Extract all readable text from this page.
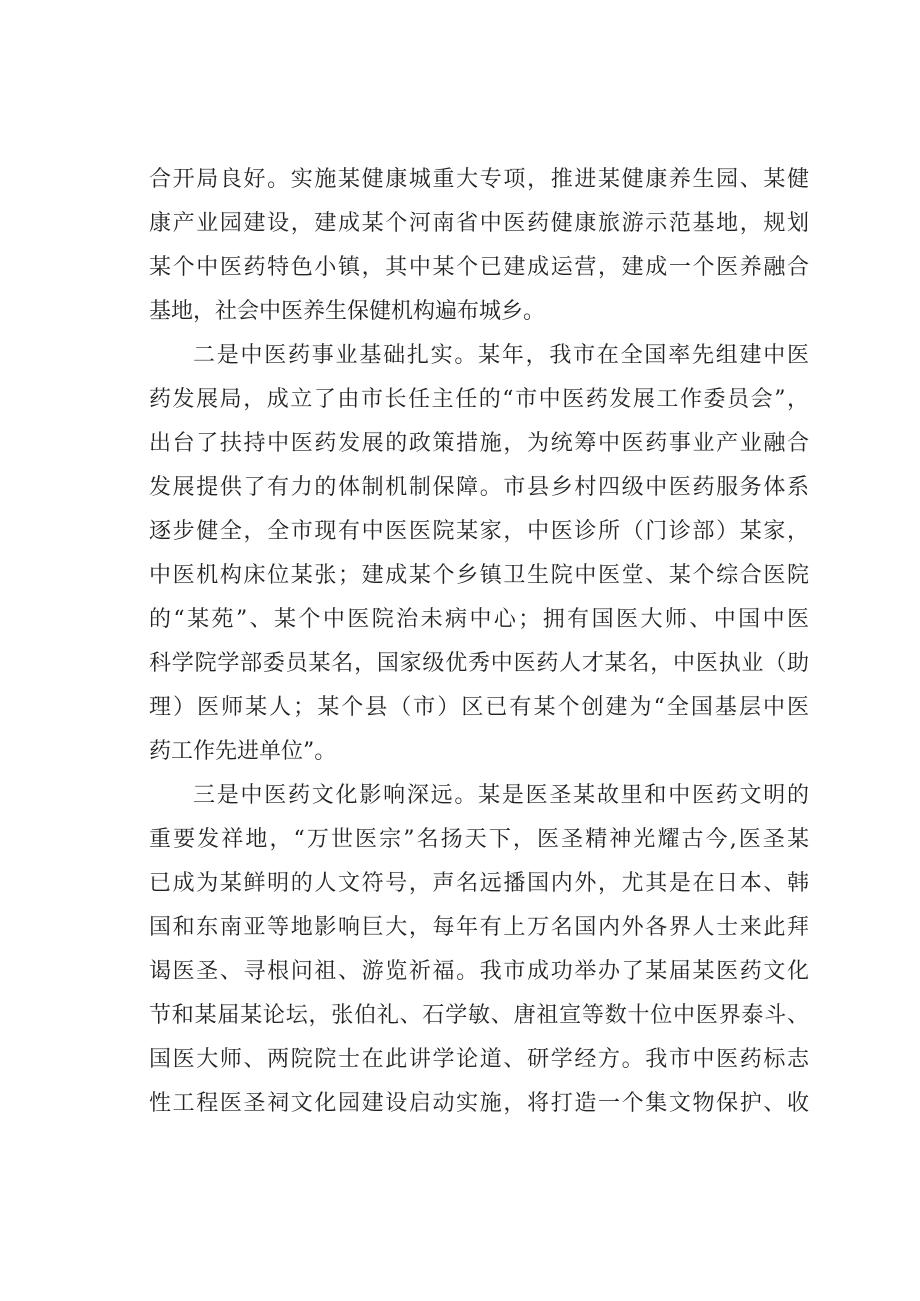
合开局良好。实施某健康城重大专项，推进某健康养生园、某健
康产业园建设，建成某个河南省中医药健康旅游示范基地，规划
某个中医药特色小镇，其中某个已建成运营，建成一个医养融合
基地，社会中医养生保健机构遍布城乡。
二是中医药事业基础扎实。某年，我市在全国率先组建中医
药发展局，成立了由市长任主任的“市中医药发展工作委员会”，
出台了扶持中医药发展的政策措施，为统筹中医药事业产业融合
发展提供了有力的体制机制保障。市县乡村四级中医药服务体系
逐步健全，全市现有中医医院某家，中医诊所（门诊部）某家，
中医机构床位某张；建成某个乡镇卫生院中医堂、某个综合医院
的“某苑”、某个中医院治未病中心；拥有国医大师、中国中医
科学院学部委员某名，国家级优秀中医药人才某名，中医执业（助
理）医师某人；某个县（市）区已有某个创建为“全国基层中医
药工作先进单位”。
三是中医药文化影响深远。某是医圣某故里和中医药文明的
重要发祥地，“万世医宗”名扬天下，医圣精神光耀古今,医圣某
已成为某鲜明的人文符号，声名远播国内外，尤其是在日本、韩
国和东南亚等地影响巨大，每年有上万名国内外各界人士来此拜
谒医圣、寻根问祖、游览祈福。我市成功举办了某届某医药文化
节和某届某论坛，张伯礼、石学敏、唐祖宣等数十位中医界泰斗、
国医大师、两院院士在此讲学论道、研学经方。我市中医药标志
性工程医圣祠文化园建设启动实施，将打造一个集文物保护、收
